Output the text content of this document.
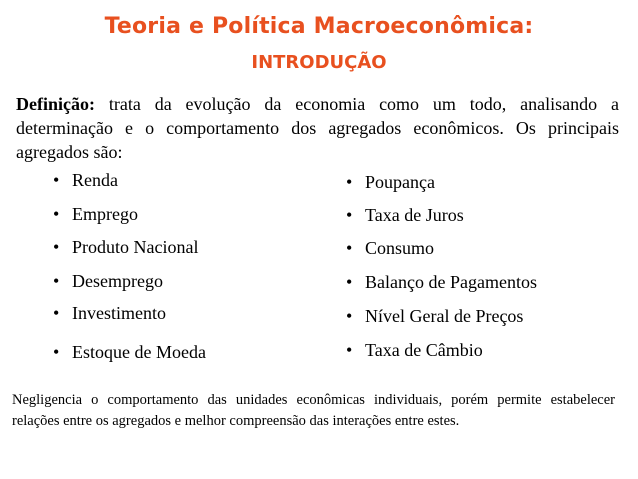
Teoria e Política Macroeconômica:
INTRODUÇÃO
Definição: trata da evolução da economia como um todo, analisando a determinação e o comportamento dos agregados econômicos. Os principais agregados são:
• Renda
• Emprego
• Produto Nacional
• Desemprego
• Investimento
• Estoque de Moeda
• Poupança
• Taxa de Juros
• Consumo
• Balanço de Pagamentos
• Nível Geral de Preços
• Taxa de Câmbio
Negligencia o comportamento das unidades econômicas individuais, porém permite estabelecer relações entre os agregados e melhor compreensão das interações entre estes.
